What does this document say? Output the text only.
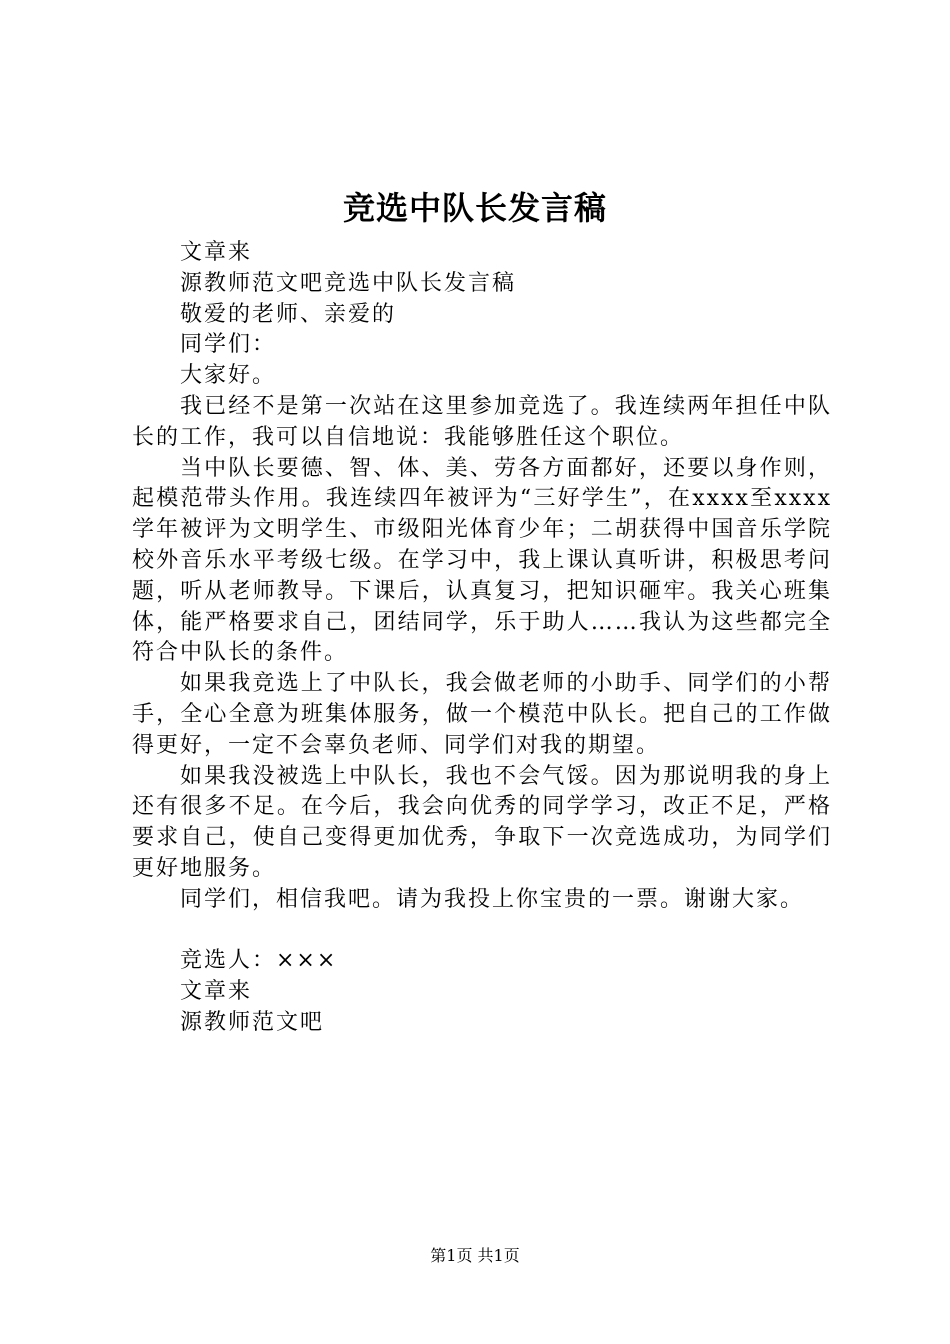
竞选中队长发言稿

文章来

源教师范文吧竞选中队长发言稿

敬爱的老师、亲爱的

同学们：

大家好。

我已经不是第一次站在这里参加竞选了。我连续两年担任中队长的工作，我可以自信地说：我能够胜任这个职位。

当中队长要德、智、体、美、劳各方面都好，还要以身作则，起模范带头作用。我连续四年被评为“三好学生”，在xxxx至xxxx学年被评为文明学生、市级阳光体育少年；二胡获得中国音乐学院校外音乐水平考级七级。在学习中，我上课认真听讲，积极思考问题，听从老师教导。下课后，认真复习，把知识砸牢。我关心班集体，能严格要求自己，团结同学，乐于助人……我认为这些都完全符合中队长的条件。

如果我竞选上了中队长，我会做老师的小助手、同学们的小帮手，全心全意为班集体服务，做一个模范中队长。把自己的工作做得更好，一定不会辜负老师、同学们对我的期望。

如果我没被选上中队长，我也不会气馁。因为那说明我的身上还有很多不足。在今后，我会向优秀的同学学习，改正不足，严格要求自己，使自己变得更加优秀，争取下一次竞选成功，为同学们更好地服务。

同学们，相信我吧。请为我投上你宝贵的一票。谢谢大家。

竞选人：×××

文章来

源教师范文吧

第1页 共1页
